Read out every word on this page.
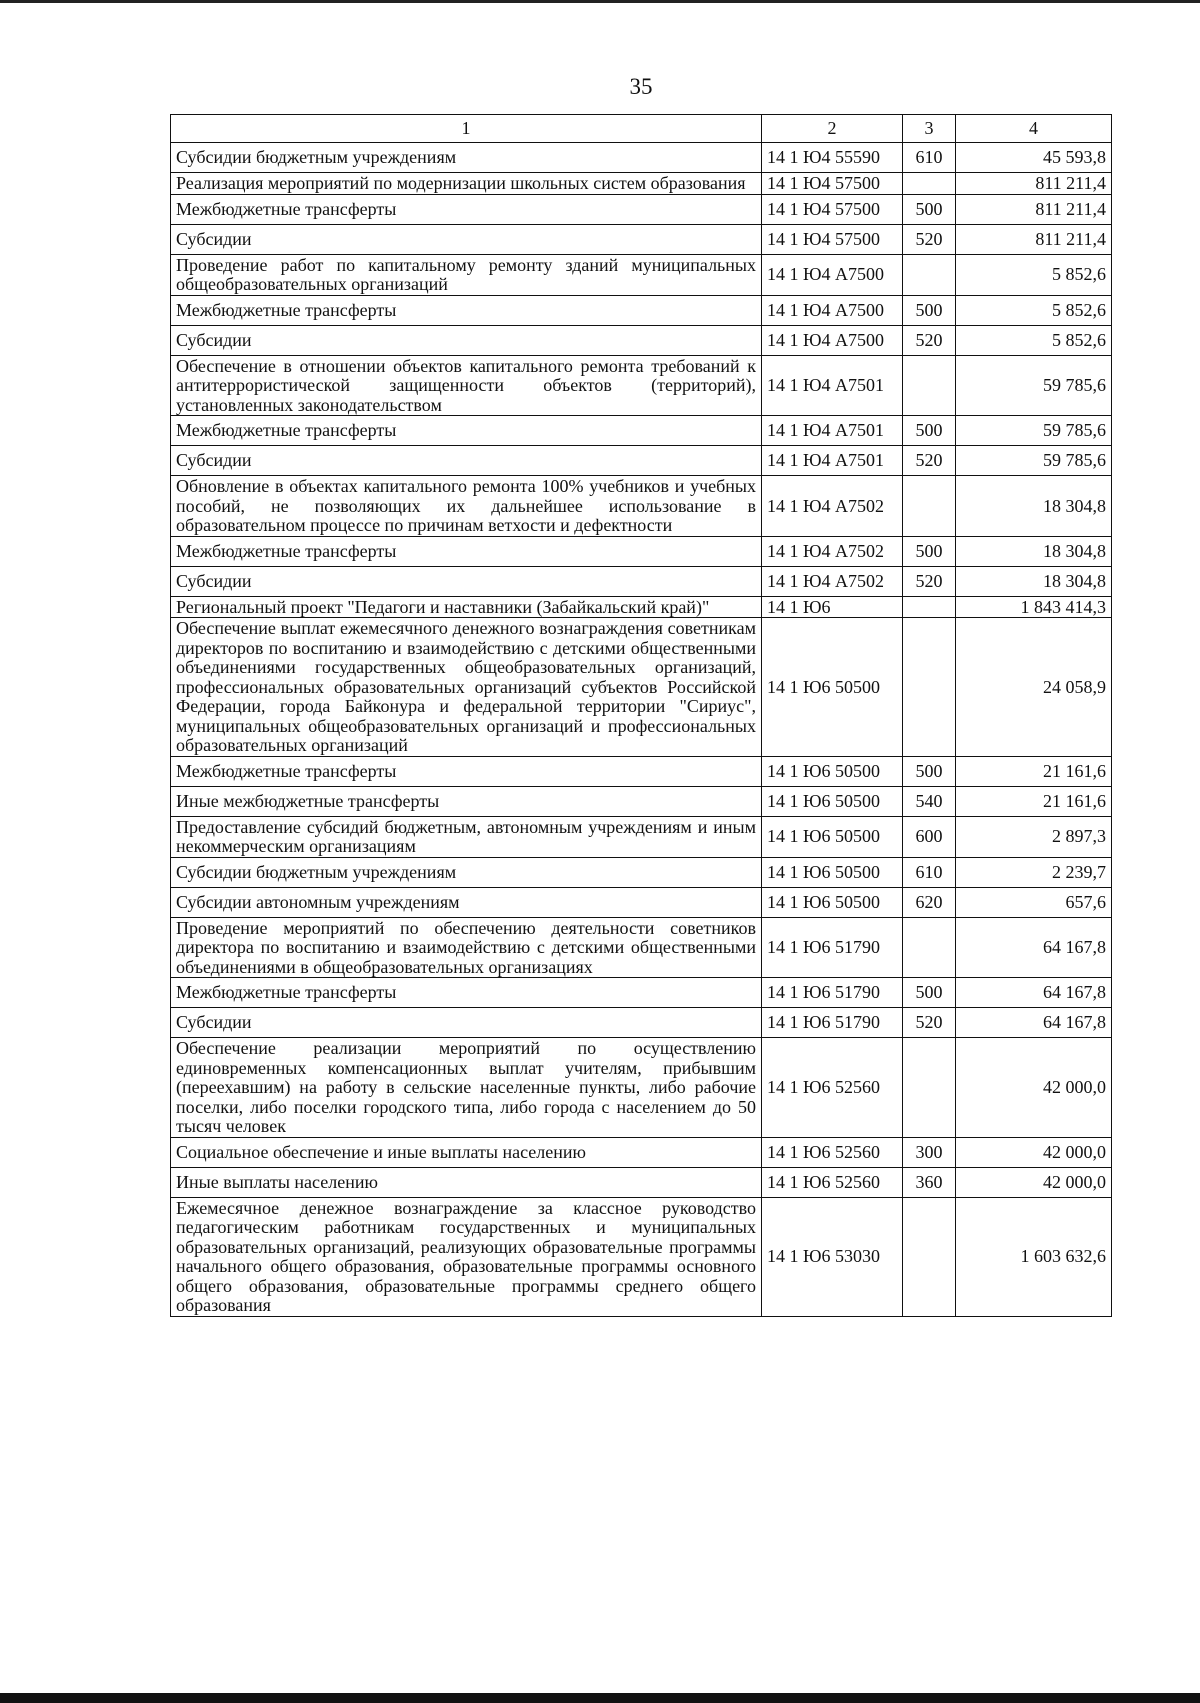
35
1	2	3	4
Субсидии бюджетным учреждениям	14 1 Ю4 55590	610	45 593,8
Реализация мероприятий по модернизации школьных систем образования	14 1 Ю4 57500		811 211,4
Межбюджетные трансферты	14 1 Ю4 57500	500	811 211,4
Субсидии	14 1 Ю4 57500	520	811 211,4
Проведение работ по капитальному ремонту зданий муниципальных общеобразовательных организаций	14 1 Ю4 А7500		5 852,6
Межбюджетные трансферты	14 1 Ю4 А7500	500	5 852,6
Субсидии	14 1 Ю4 А7500	520	5 852,6
Обеспечение в отношении объектов капитального ремонта требований к антитеррористической защищенности объектов (территорий), установленных законодательством	14 1 Ю4 А7501		59 785,6
Межбюджетные трансферты	14 1 Ю4 А7501	500	59 785,6
Субсидии	14 1 Ю4 А7501	520	59 785,6
Обновление в объектах капитального ремонта 100% учебников и учебных пособий, не позволяющих их дальнейшее использование в образовательном процессе по причинам ветхости и дефектности	14 1 Ю4 А7502		18 304,8
Межбюджетные трансферты	14 1 Ю4 А7502	500	18 304,8
Субсидии	14 1 Ю4 А7502	520	18 304,8
Региональный проект "Педагоги и наставники (Забайкальский край)"	14 1 Ю6		1 843 414,3
Обеспечение выплат ежемесячного денежного вознаграждения советникам директоров по воспитанию и взаимодействию с детскими общественными объединениями государственных общеобразовательных организаций, профессиональных образовательных организаций субъектов Российской Федерации, города Байконура и федеральной территории "Сириус", муниципальных общеобразовательных организаций и профессиональных образовательных организаций	14 1 Ю6 50500		24 058,9
Межбюджетные трансферты	14 1 Ю6 50500	500	21 161,6
Иные межбюджетные трансферты	14 1 Ю6 50500	540	21 161,6
Предоставление субсидий бюджетным, автономным учреждениям и иным некоммерческим организациям	14 1 Ю6 50500	600	2 897,3
Субсидии бюджетным учреждениям	14 1 Ю6 50500	610	2 239,7
Субсидии автономным учреждениям	14 1 Ю6 50500	620	657,6
Проведение мероприятий по обеспечению деятельности советников директора по воспитанию и взаимодействию с детскими общественными объединениями в общеобразовательных организациях	14 1 Ю6 51790		64 167,8
Межбюджетные трансферты	14 1 Ю6 51790	500	64 167,8
Субсидии	14 1 Ю6 51790	520	64 167,8
Обеспечение реализации мероприятий по осуществлению единовременных компенсационных выплат учителям, прибывшим (переехавшим) на работу в сельские населенные пункты, либо рабочие поселки, либо поселки городского типа, либо города с населением до 50 тысяч человек	14 1 Ю6 52560		42 000,0
Социальное обеспечение и иные выплаты населению	14 1 Ю6 52560	300	42 000,0
Иные выплаты населению	14 1 Ю6 52560	360	42 000,0
Ежемесячное денежное вознаграждение за классное руководство педагогическим работникам государственных и муниципальных образовательных организаций, реализующих образовательные программы начального общего образования, образовательные программы основного общего образования, образовательные программы среднего общего образования	14 1 Ю6 53030		1 603 632,6
